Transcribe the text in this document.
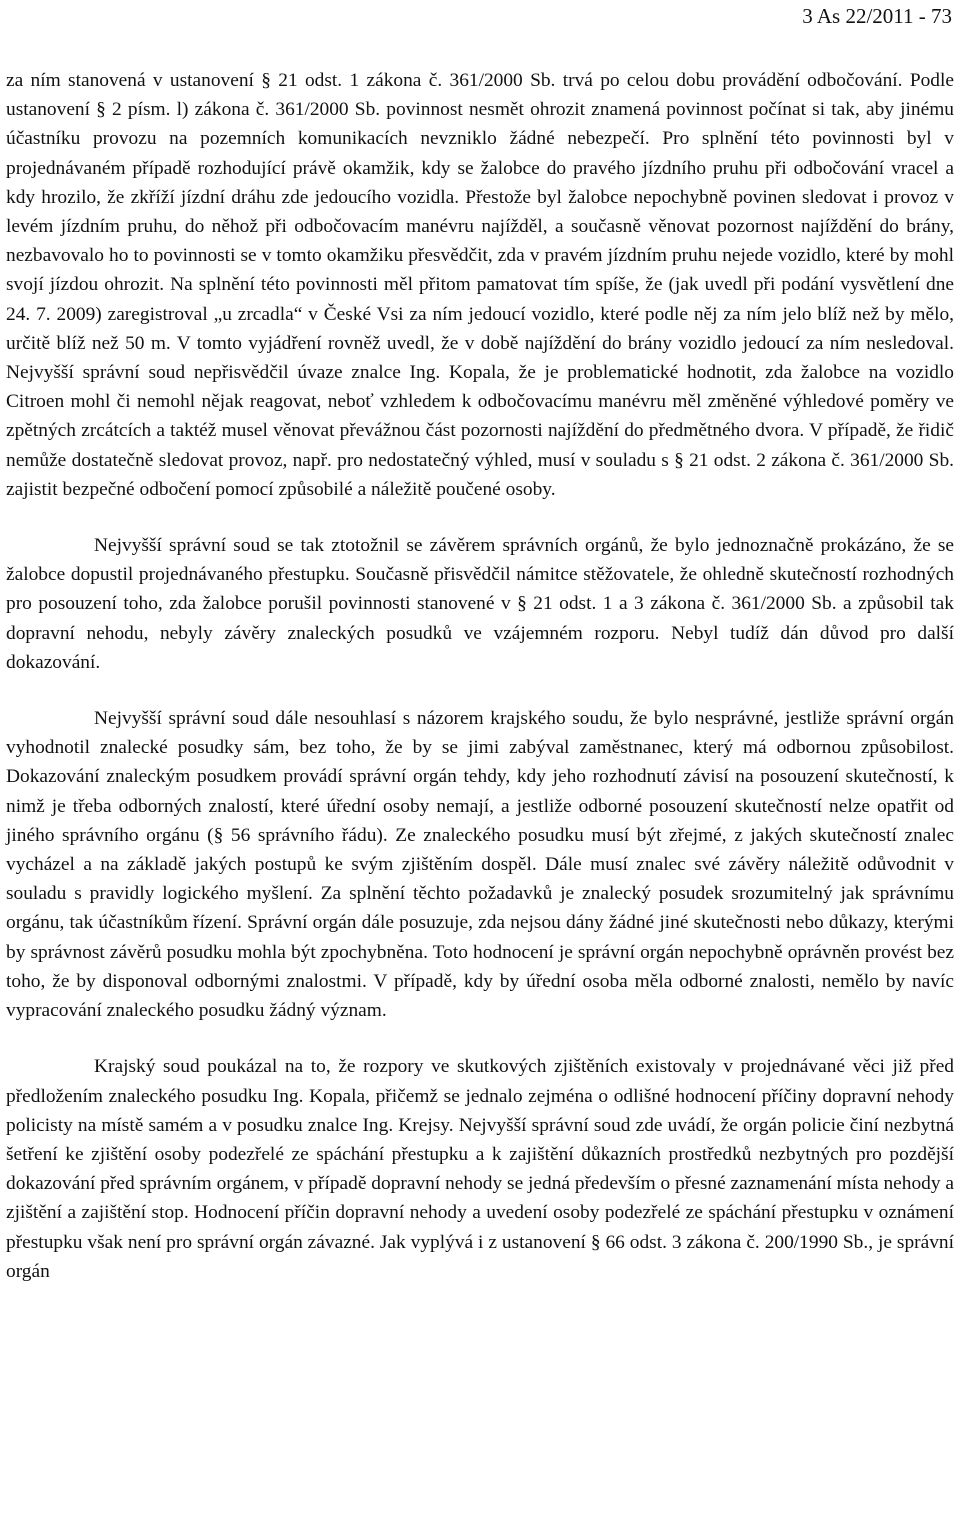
3 As 22/2011 - 73

za ním stanovená v ustanovení § 21 odst. 1 zákona č. 361/2000 Sb. trvá po celou dobu provádění odbočování. Podle ustanovení § 2 písm. l) zákona č. 361/2000 Sb. povinnost nesmět ohrozit znamená povinnost počínat si tak, aby jinému účastníku provozu na pozemních komunikacích nevzniklo žádné nebezpečí. Pro splnění této povinnosti byl v projednávaném případě rozhodující právě okamžik, kdy se žalobce do pravého jízdního pruhu při odbočování vracel a kdy hrozilo, že zkříží jízdní dráhu zde jedoucího vozidla. Přestože byl žalobce nepochybně povinen sledovat i provoz v levém jízdním pruhu, do něhož při odbočovacím manévru najížděl, a současně věnovat pozornost najíždění do brány, nezbavovalo ho to povinnosti se v tomto okamžiku přesvědčit, zda v pravém jízdním pruhu nejede vozidlo, které by mohl svojí jízdou ohrozit. Na splnění této povinnosti měl přitom pamatovat tím spíše, že (jak uvedl při podání vysvětlení dne 24. 7. 2009) zaregistroval „u zrcadla“ v České Vsi za ním jedoucí vozidlo, které podle něj za ním jelo blíž než by mělo, určitě blíž než 50 m. V tomto vyjádření rovněž uvedl, že v době najíždění do brány vozidlo jedoucí za ním nesledoval. Nejvyšší správní soud nepřisvědčil úvaze znalce Ing. Kopala, že je problematické hodnotit, zda žalobce na vozidlo Citroen mohl či nemohl nějak reagovat, neboť vzhledem k odbočovacímu manévru měl změněné výhledové poměry ve zpětných zrcátcích a taktéž musel věnovat převážnou část pozornosti najíždění do předmětného dvora. V případě, že řidič nemůže dostatečně sledovat provoz, např. pro nedostatečný výhled, musí v souladu s § 21 odst. 2 zákona č. 361/2000 Sb. zajistit bezpečné odbočení pomocí způsobilé a náležitě poučené osoby.

Nejvyšší správní soud se tak ztotožnil se závěrem správních orgánů, že bylo jednoznačně prokázáno, že se žalobce dopustil projednávaného přestupku. Současně přisvědčil námitce stěžovatele, že ohledně skutečností rozhodných pro posouzení toho, zda žalobce porušil povinnosti stanovené v § 21 odst. 1 a 3 zákona č. 361/2000 Sb. a způsobil tak dopravní nehodu, nebyly závěry znaleckých posudků ve vzájemném rozporu. Nebyl tudíž dán důvod pro další dokazování.

Nejvyšší správní soud dále nesouhlasí s názorem krajského soudu, že bylo nesprávné, jestliže správní orgán vyhodnotil znalecké posudky sám, bez toho, že by se jimi zabýval zaměstnanec, který má odbornou způsobilost. Dokazování znaleckým posudkem provádí správní orgán tehdy, kdy jeho rozhodnutí závisí na posouzení skutečností, k nimž je třeba odborných znalostí, které úřední osoby nemají, a jestliže odborné posouzení skutečností nelze opatřit od jiného správního orgánu (§ 56 správního řádu). Ze znaleckého posudku musí být zřejmé, z jakých skutečností znalec vycházel a na základě jakých postupů ke svým zjištěním dospěl. Dále musí znalec své závěry náležitě odůvodnit v souladu s pravidly logického myšlení. Za splnění těchto požadavků je znalecký posudek srozumitelný jak správnímu orgánu, tak účastníkům řízení. Správní orgán dále posuzuje, zda nejsou dány žádné jiné skutečnosti nebo důkazy, kterými by správnost závěrů posudku mohla být zpochybněna. Toto hodnocení je správní orgán nepochybně oprávněn provést bez toho, že by disponoval odbornými znalostmi. V případě, kdy by úřední osoba měla odborné znalosti, nemělo by navíc vypracování znaleckého posudku žádný význam.

Krajský soud poukázal na to, že rozpory ve skutkových zjištěních existovaly v projednávané věci již před předložením znaleckého posudku Ing. Kopala, přičemž se jednalo zejména o odlišné hodnocení příčiny dopravní nehody policisty na místě samém a v posudku znalce Ing. Krejsy. Nejvyšší správní soud zde uvádí, že orgán policie činí nezbytná šetření ke zjištění osoby podezřelé ze spáchání přestupku a k zajištění důkazních prostředků nezbytných pro pozdější dokazování před správním orgánem, v případě dopravní nehody se jedná především o přesné zaznamenání místa nehody a zjištění a zajištění stop. Hodnocení příčin dopravní nehody a uvedení osoby podezřelé ze spáchání přestupku v oznámení přestupku však není pro správní orgán závazné. Jak vyplývá i z ustanovení § 66 odst. 3 zákona č. 200/1990 Sb., je správní orgán
